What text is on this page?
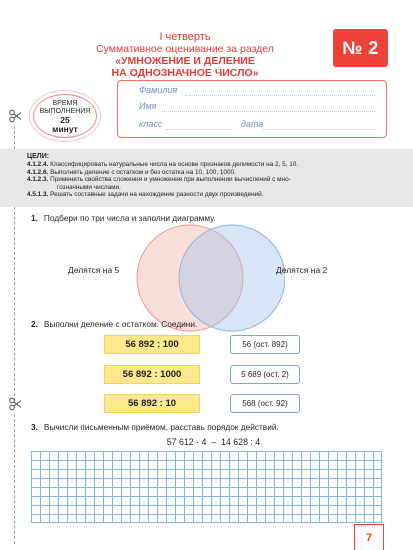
I четверть
Суммативное оценивание за раздел
«УМНОЖЕНИЕ И ДЕЛЕНИЕ
НА ОДНОЗНАЧНОЕ ЧИСЛО»
№ 2
ВРЕМЯ
ВЫПОЛНЕНИЯ
25
минут
Фамилия
Имя
класс	дата
ЦЕЛИ:
4.1.2.4. Классифицировать натуральные числа на основе признаков делимости на 2, 5, 10.
4.1.2.6. Выполнять деление с остатком и без остатка на 10, 100, 1000.
4.1.2.3. Применять свойства сложения и умножения при выполнении вычислений с мно-
гозначными числами.
4.5.1.3. Решать составные задачи на нахождение разности двух произведений.
1. Подбери по три числа и заполни диаграмму.
Делятся на 5	Делятся на 2
2. Выполни деление с остатком. Соедини.
56 892 : 100
56 892 : 1000
56 892 : 10
56 (ост. 892)
5 689 (ост. 2)
568 (ост. 92)
3. Вычисли письменным приёмом, расставь порядок действий.
57 612 · 4  –  14 628 : 4
7
